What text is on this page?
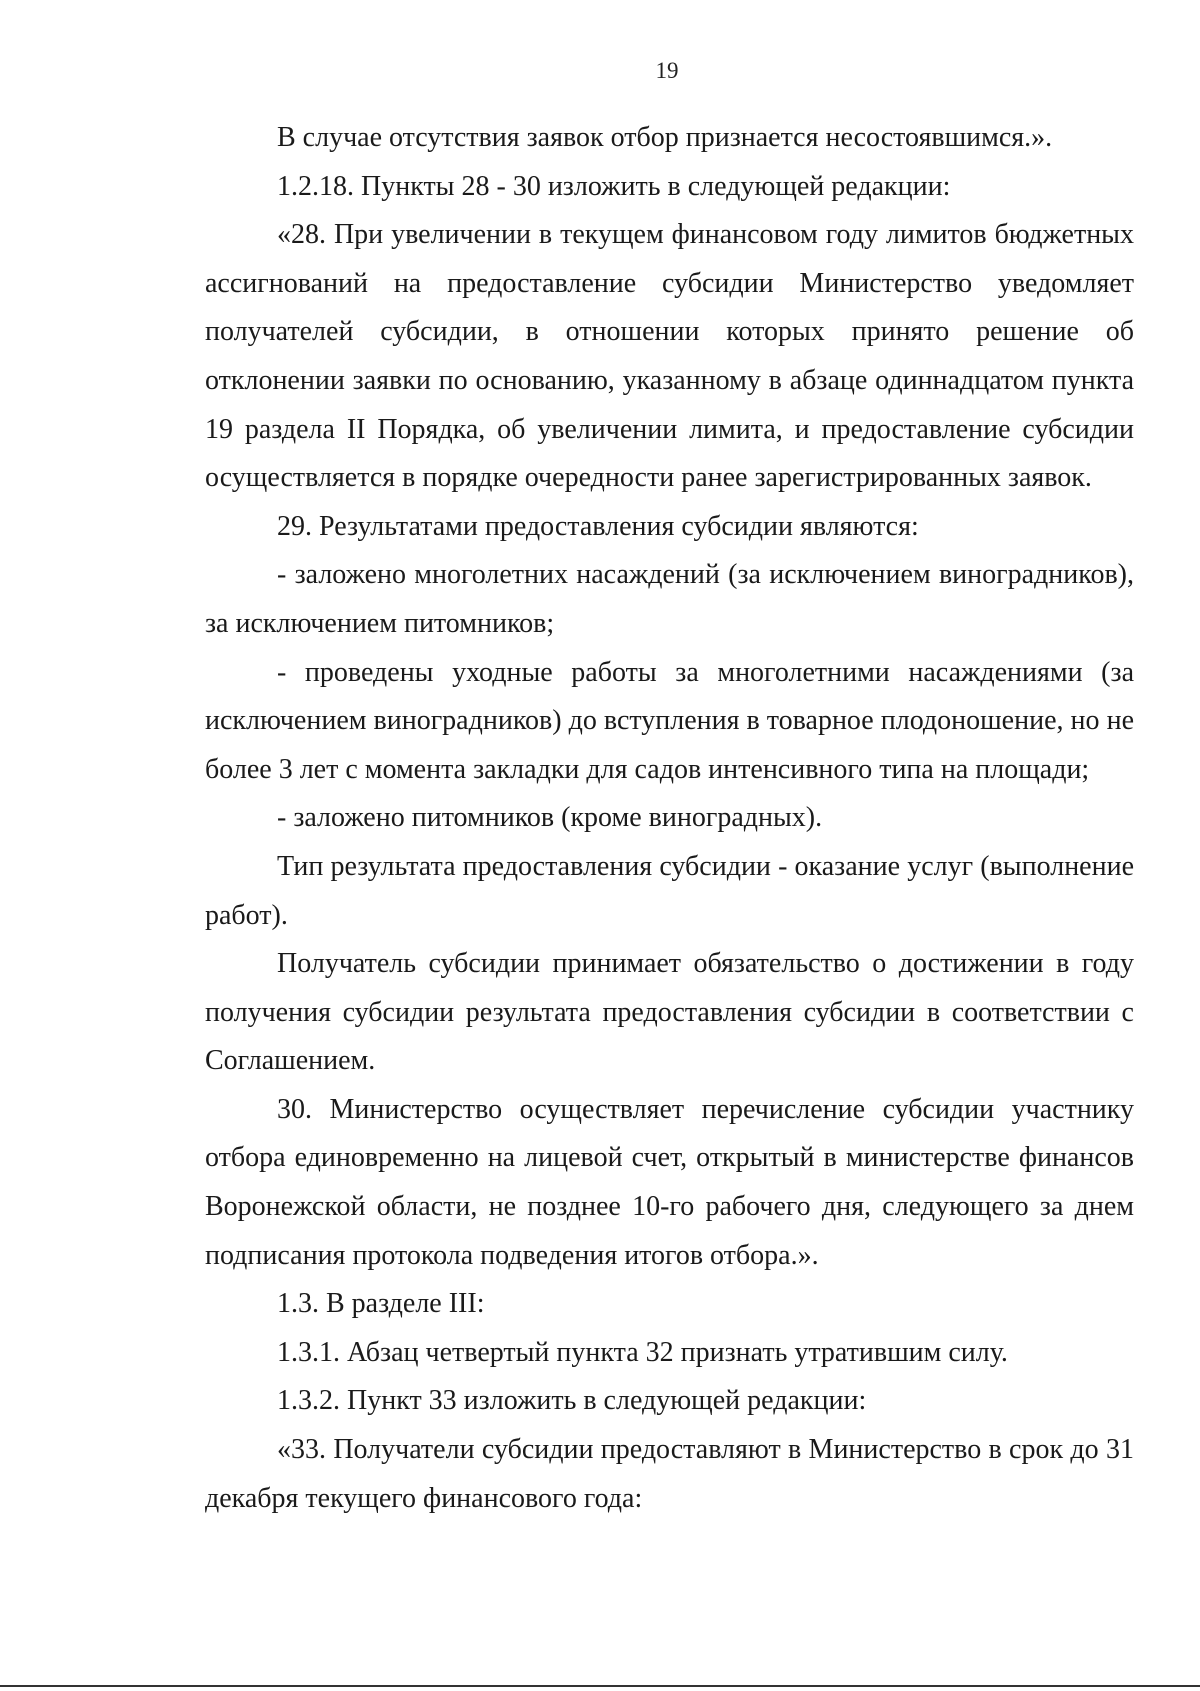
19

В случае отсутствия заявок отбор признается несостоявшимся.».

1.2.18. Пункты 28 - 30 изложить в следующей редакции:

«28. При увеличении в текущем финансовом году лимитов бюджетных ассигнований на предоставление субсидии Министерство уведомляет получателей субсидии, в отношении которых принято решение об отклонении заявки по основанию, указанному в абзаце одиннадцатом пункта 19 раздела II Порядка, об увеличении лимита, и предоставление субсидии осуществляется в порядке очередности ранее зарегистрированных заявок.

29. Результатами предоставления субсидии являются:

- заложено многолетних насаждений (за исключением виноградников), за исключением питомников;

- проведены уходные работы за многолетними насаждениями (за исключением виноградников) до вступления в товарное плодоношение, но не более 3 лет с момента закладки для садов интенсивного типа на площади;

- заложено питомников (кроме виноградных).

Тип результата предоставления субсидии - оказание услуг (выполнение работ).

Получатель субсидии принимает обязательство о достижении в году получения субсидии результата предоставления субсидии в соответствии с Соглашением.

30. Министерство осуществляет перечисление субсидии участнику отбора единовременно на лицевой счет, открытый в министерстве финансов Воронежской области, не позднее 10-го рабочего дня, следующего за днем подписания протокола подведения итогов отбора.».

1.3. В разделе III:

1.3.1. Абзац четвертый пункта 32 признать утратившим силу.

1.3.2. Пункт 33 изложить в следующей редакции:

«33. Получатели субсидии предоставляют в Министерство в срок до 31 декабря текущего финансового года:
